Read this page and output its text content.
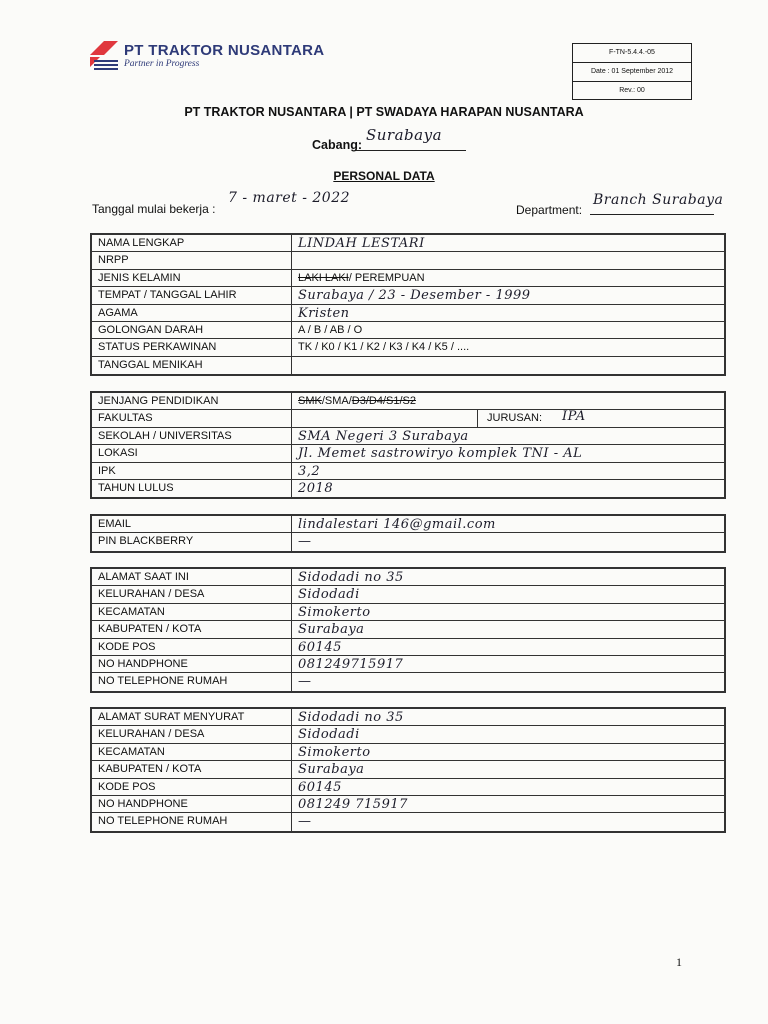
PT TRAKTOR NUSANTARA
Partner in Progress
F-TN-5.4.4.-05
Date : 01 September 2012
Rev.: 00
PT TRAKTOR NUSANTARA | PT SWADAYA HARAPAN NUSANTARA
Cabang:
Surabaya
PERSONAL DATA
Tanggal mulai bekerja :
7 - maret - 2022
Department:
Branch Surabaya
NAMA LENGKAP	LINDAH LESTARI
NRPP
JENIS KELAMIN	LAKI LAKI/ PEREMPUAN
TEMPAT / TANGGAL LAHIR	Surabaya / 23 - Desember - 1999
AGAMA	Kristen
GOLONGAN DARAH	A / B / AB / O
STATUS PERKAWINAN	TK / K0 / K1 / K2 / K3 / K4 / K5 / ....
TANGGAL MENIKAH
JENJANG PENDIDIKAN	SMK/SMA/D3/D4/S1/S2
FAKULTAS	JURUSAN: IPA
SEKOLAH / UNIVERSITAS	SMA Negeri 3 Surabaya
LOKASI	Jl. Memet sastrowiryo komplek TNI - AL
IPK	3,2
TAHUN LULUS	2018
EMAIL	lindalestari 146@gmail.com
PIN BLACKBERRY	—
ALAMAT SAAT INI	Sidodadi no 35
KELURAHAN / DESA	Sidodadi
KECAMATAN	Simokerto
KABUPATEN / KOTA	Surabaya
KODE POS	60145
NO HANDPHONE	081249715917
NO TELEPHONE RUMAH	—
ALAMAT SURAT MENYURAT	Sidodadi no 35
KELURAHAN / DESA	Sidodadi
KECAMATAN	Simokerto
KABUPATEN / KOTA	Surabaya
KODE POS	60145
NO HANDPHONE	081249 715917
NO TELEPHONE RUMAH	—
1
